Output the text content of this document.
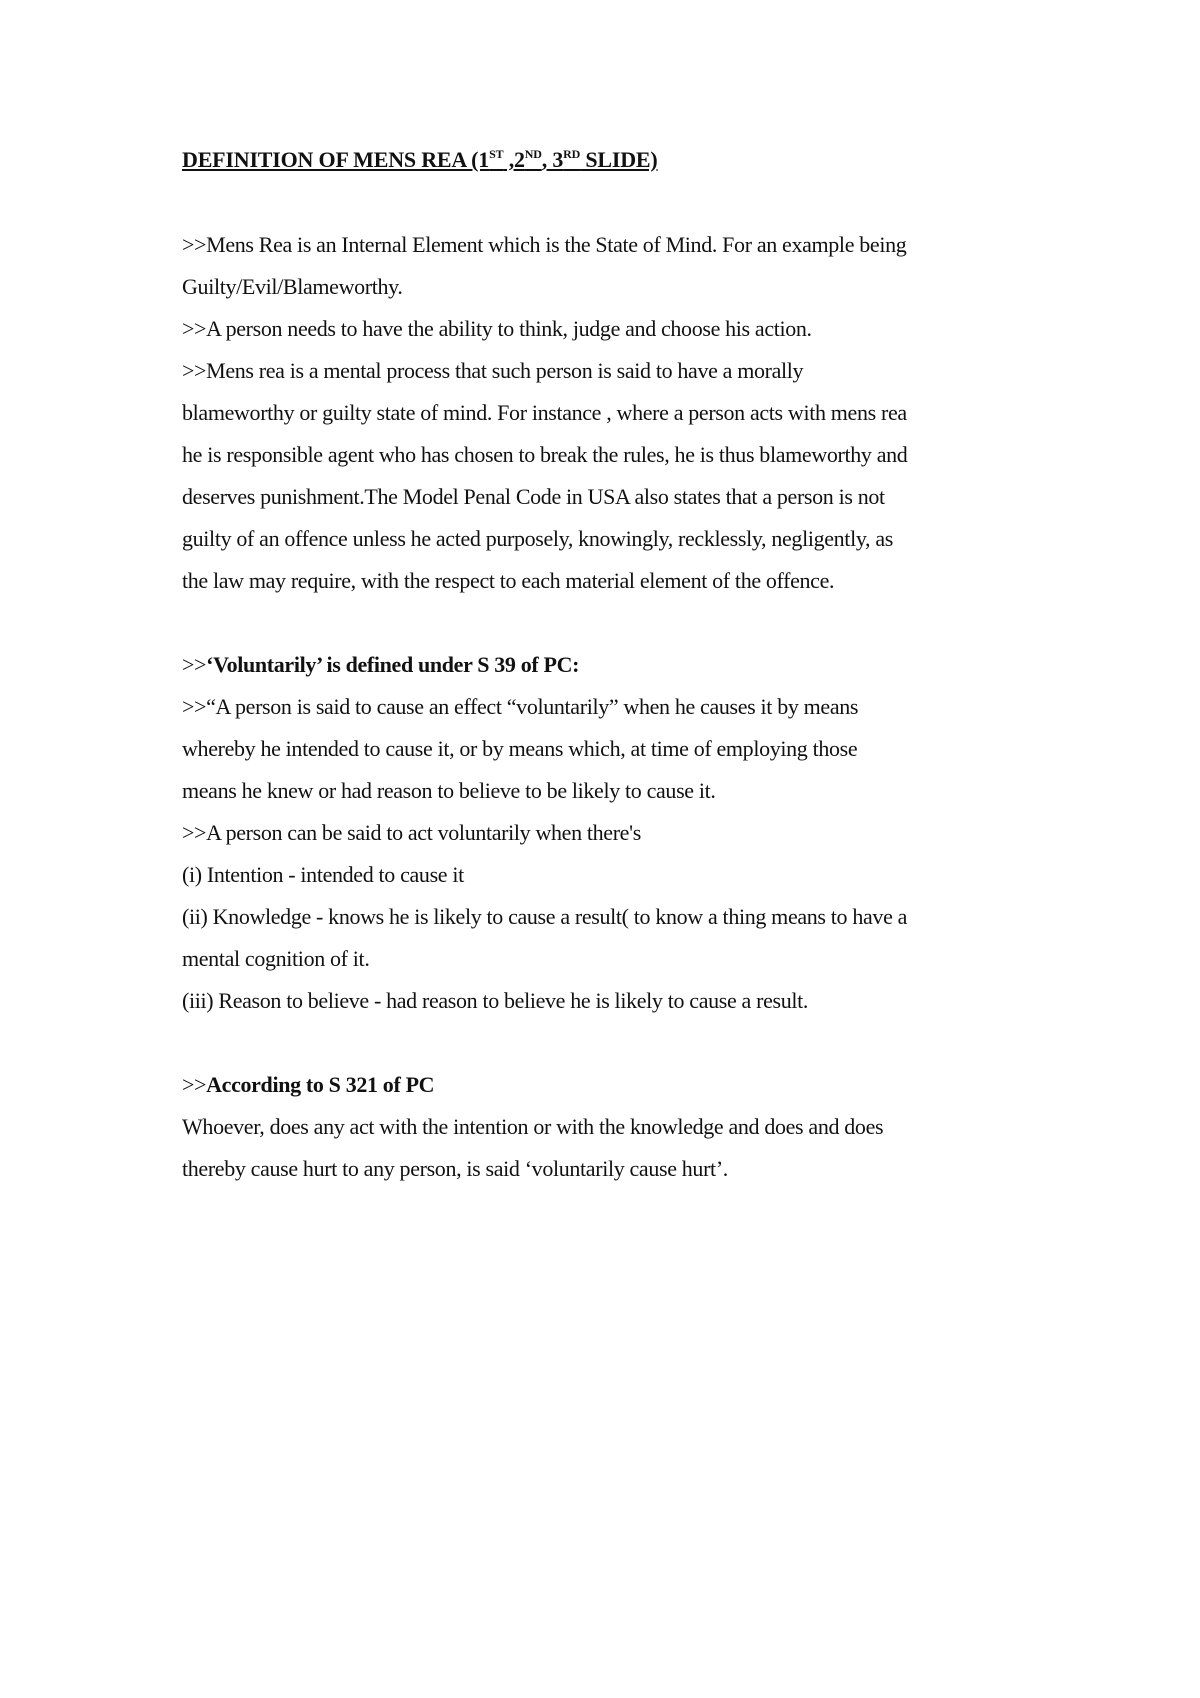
DEFINITION OF MENS REA (1ST ,2ND, 3RD SLIDE)
>>Mens Rea is an Internal Element which is the State of Mind. For an example being
Guilty/Evil/Blameworthy.
>>A person needs to have the ability to think, judge and choose his action.
>>Mens rea is a mental process that such person is said to have a morally
blameworthy or guilty state of mind. For instance , where a person acts with mens rea
he is responsible agent who has chosen to break the rules, he is thus blameworthy and
deserves punishment.The Model Penal Code in USA also states that a person is not
guilty of an offence unless he acted purposely, knowingly, recklessly, negligently, as
the law may require, with the respect to each material element of the offence.
>>‘Voluntarily’ is defined under S 39 of PC:
>>“A person is said to cause an effect “voluntarily” when he causes it by means
whereby he intended to cause it, or by means which, at time of employing those
means he knew or had reason to believe to be likely to cause it.
>>A person can be said to act voluntarily when there's
(i) Intention - intended to cause it
(ii) Knowledge - knows he is likely to cause a result( to know a thing means to have a
mental cognition of it.
(iii) Reason to believe - had reason to believe he is likely to cause a result.
>>According to S 321 of PC
Whoever, does any act with the intention or with the knowledge and does and does
thereby cause hurt to any person, is said ‘voluntarily cause hurt’.
